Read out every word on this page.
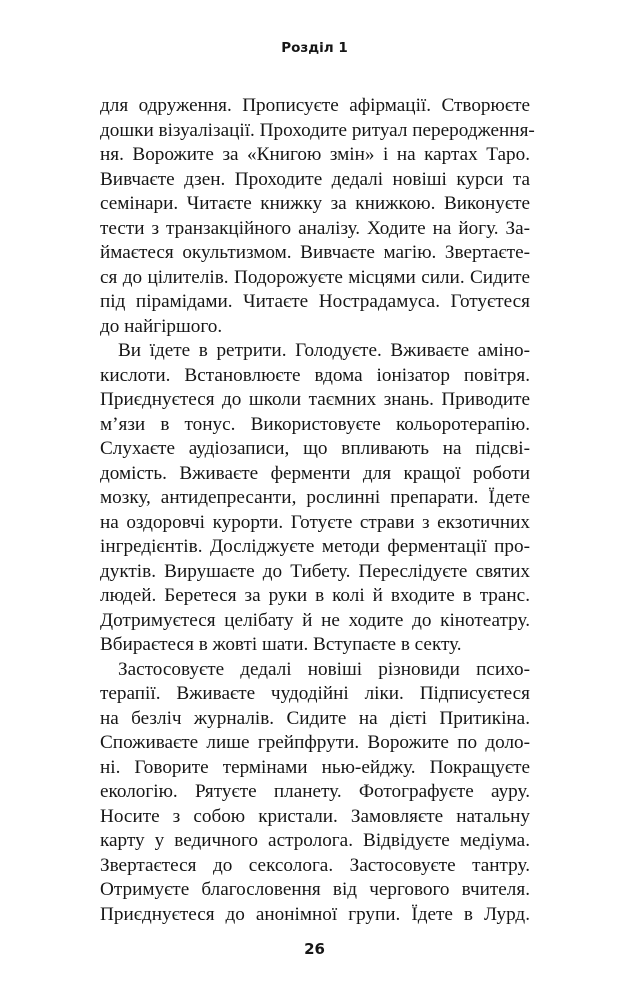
Розділ 1
для одруження. Прописуєте афірмації. Створюєте
дошки візуалізації. Проходите ритуал переродження-
ня. Ворожите за «Книгою змін» і на картах Таро.
Вивчаєте дзен. Проходите дедалі новіші курси та
семінари. Читаєте книжку за книжкою. Виконуєте
тести з транзакційного аналізу. Ходите на йогу. За-
ймаєтеся окультизмом. Вивчаєте магію. Звертаєте-
ся до цілителів. Подорожуєте місцями сили. Сидите
під пірамідами. Читаєте Нострадамуса. Готуєтеся
до найгіршого.
Ви їдете в ретрити. Голодуєте. Вживаєте аміно-
кислоти. Встановлюєте вдома іонізатор повітря.
Приєднуєтеся до школи таємних знань. Приводите
м’язи в тонус. Використовуєте кольоротерапію.
Слухаєте аудіозаписи, що впливають на підсві-
домість. Вживаєте ферменти для кращої роботи
мозку, антидепресанти, рослинні препарати. Їдете
на оздоровчі курорти. Готуєте страви з екзотичних
інгредієнтів. Досліджуєте методи ферментації про-
дуктів. Вирушаєте до Тибету. Переслідуєте святих
людей. Беретеся за руки в колі й входите в транс.
Дотримуєтеся целібату й не ходите до кінотеатру.
Вбираєтеся в жовті шати. Вступаєте в секту.
Застосовуєте дедалі новіші різновиди психо-
терапії. Вживаєте чудодійні ліки. Підписуєтеся
на безліч журналів. Сидите на дієті Притикіна.
Споживаєте лише грейпфрути. Ворожите по доло-
ні. Говорите термінами нью-ейджу. Покращуєте
екологію. Рятуєте планету. Фотографуєте ауру.
Носите з собою кристали. Замовляєте натальну
карту у ведичного астролога. Відвідуєте медіума.
Звертаєтеся до сексолога. Застосовуєте тантру.
Отримуєте благословення від чергового вчителя.
Приєднуєтеся до анонімної групи. Їдете в Лурд.
26
